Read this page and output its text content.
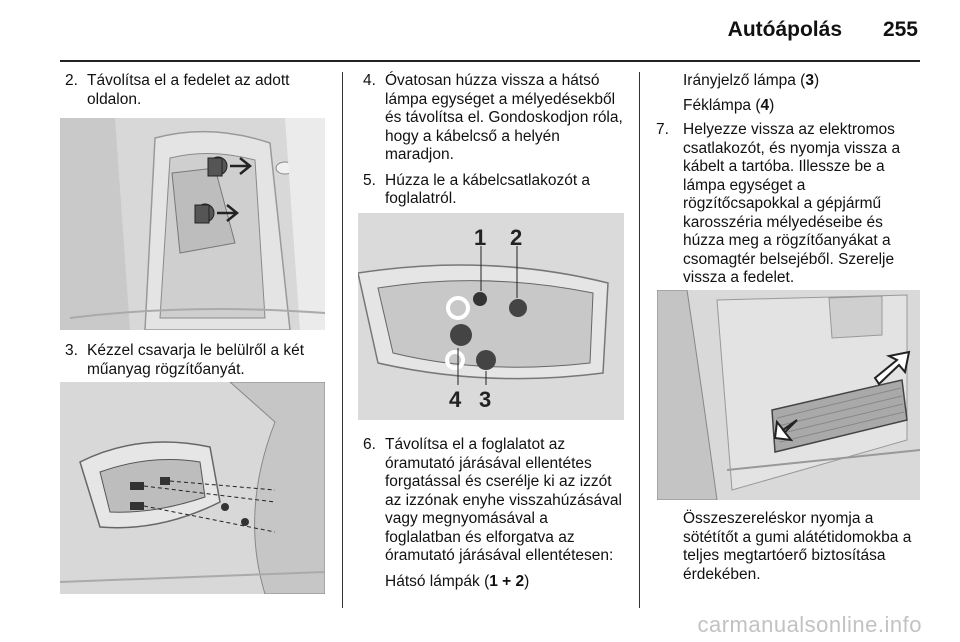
Autóápolás 255

2. Távolítsa el a fedelet az adott oldalon.

3. Kézzel csavarja le belülről a két műanyag rögzítőanyát.

4. Óvatosan húzza vissza a hátsó lámpa egységet a mélyedésekből és távolítsa el. Gondoskodjon róla, hogy a kábelcső a helyén maradjon.

5. Húzza le a kábelcsatlakozót a foglalatról.

1 2
4 3

6. Távolítsa el a foglalatot az óramutató járásával ellentétes forgatással és cserélje ki az izzót az izzónak enyhe visszahúzásával vagy megnyomásával a foglalatban és elforgatva az óramutató járásával ellentétesen:

Hátsó lámpák (1 + 2)

Irányjelző lámpa (3)

Féklámpa (4)

7. Helyezze vissza az elektromos csatlakozót, és nyomja vissza a kábelt a tartóba. Illessze be a lámpa egységet a rögzítőcsapokkal a gépjármű karosszéria mélyedéseibe és húzza meg a rögzítőanyákat a csomagtér belsejéből. Szerelje vissza a fedelet.

Összeszereléskor nyomja a sötétítőt a gumi alátétidomokba a teljes megtartóerő biztosítása érdekében.

carmanualsonline.info
